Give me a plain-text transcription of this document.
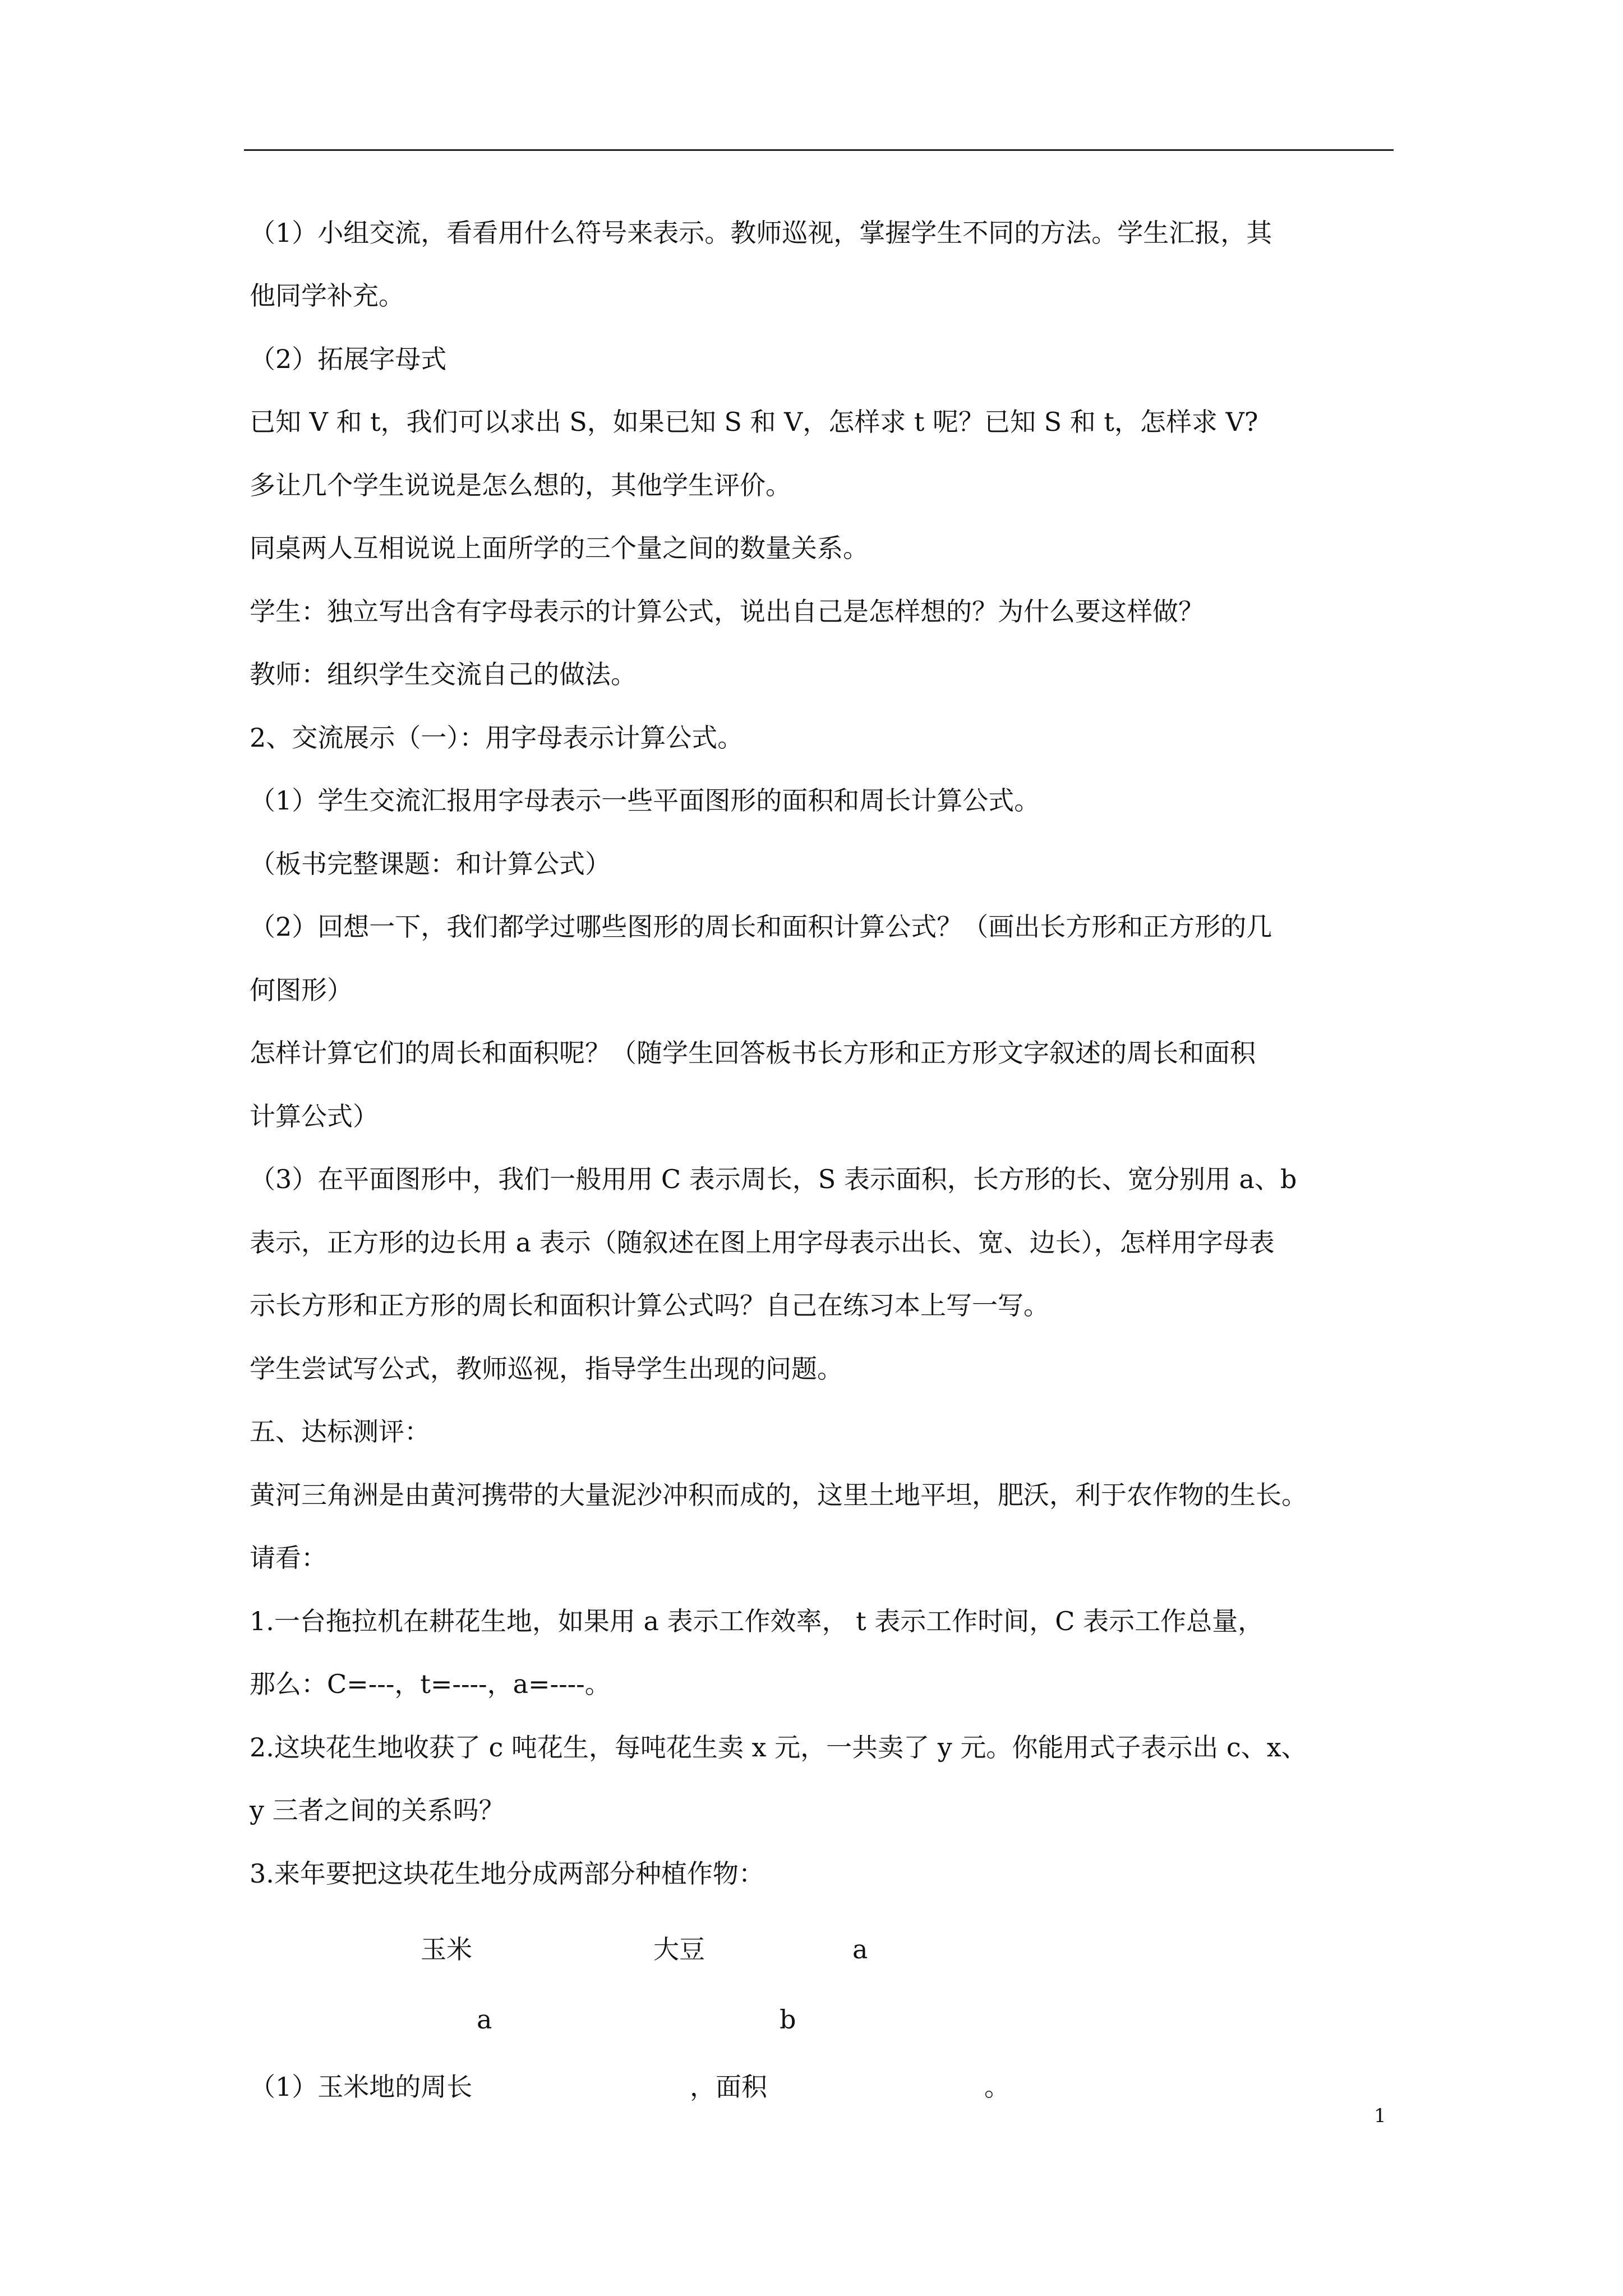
（1）小组交流，看看用什么符号来表示。教师巡视，掌握学生不同的方法。学生汇报，其
他同学补充。
（2）拓展字母式
已知 V 和 t，我们可以求出 S，如果已知 S 和 V，怎样求 t 呢？已知 S 和 t，怎样求 V?
多让几个学生说说是怎么想的，其他学生评价。
同桌两人互相说说上面所学的三个量之间的数量关系。
学生：独立写出含有字母表示的计算公式，说出自己是怎样想的？为什么要这样做？
教师：组织学生交流自己的做法。
2、交流展示（一）：用字母表示计算公式。
（1）学生交流汇报用字母表示一些平面图形的面积和周长计算公式。
（板书完整课题：和计算公式）
（2）回想一下，我们都学过哪些图形的周长和面积计算公式？（画出长方形和正方形的几
何图形）
怎样计算它们的周长和面积呢？（随学生回答板书长方形和正方形文字叙述的周长和面积
计算公式）
（3）在平面图形中，我们一般用用 C 表示周长，S 表示面积，长方形的长、宽分别用 a、b
表示，正方形的边长用 a 表示（随叙述在图上用字母表示出长、宽、边长），怎样用字母表
示长方形和正方形的周长和面积计算公式吗？自己在练习本上写一写。
学生尝试写公式，教师巡视，指导学生出现的问题。
五、达标测评：
黄河三角洲是由黄河携带的大量泥沙冲积而成的，这里土地平坦，肥沃，利于农作物的生长。
请看：
1.一台拖拉机在耕花生地，如果用 a 表示工作效率， t 表示工作时间，C 表示工作总量，
那么：C=---，t=----，a=----。
2.这块花生地收获了 c 吨花生，每吨花生卖 x 元，一共卖了 y 元。你能用式子表示出 c、x、
y 三者之间的关系吗？
3.来年要把这块花生地分成两部分种植作物：
玉米	大豆	a
a	b
（1）玉米地的周长	，面积	。
1
